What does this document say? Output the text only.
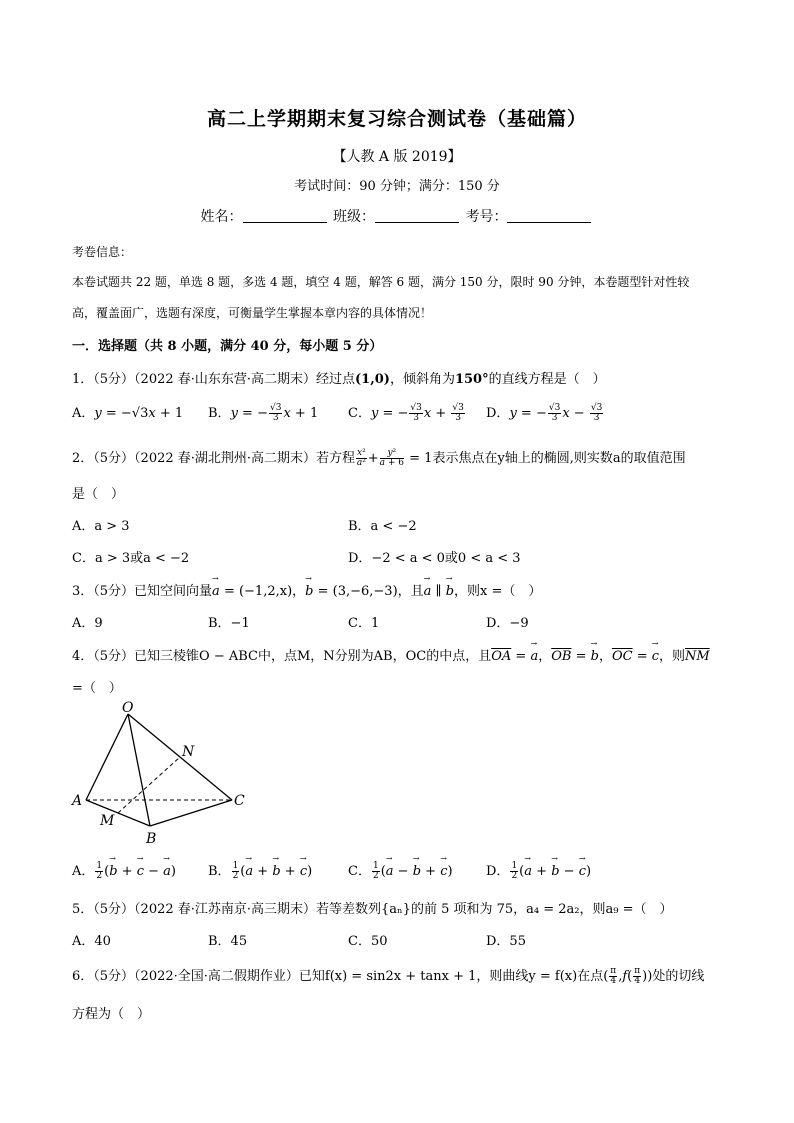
高二上学期期末复习综合测试卷（基础篇）
【人教 A 版 2019】
考试时间：90 分钟；满分：150 分
姓名：	班级：	考号：
考卷信息：
本卷试题共 22 题，单选 8 题，多选 4 题，填空 4 题，解答 6 题，满分 150 分，限时 90 分钟，本卷题型针对性较
高，覆盖面广，选题有深度，可衡量学生掌握本章内容的具体情况！
一．选择题（共 8 小题，满分 40 分，每小题 5 分）
1．（5分）（2022 春·山东东营·高二期末）经过点(1,0)，倾斜角为150°的直线方程是（　）
A．y = −√3x + 1 B．y = − $\frac{√3}{3}$ x + 1 C．y = − $\frac{√3}{3}$ $x + \frac{√3}{3}$ D．y = − $\frac{√3}{3}$ $x - \frac{√3}{3}$
2．（5分）（2022 春·湖北荆州·高二期末）若方程 $\frac{\text{x²}}{\text{a²}} + \frac{\text{y²}}{a + 6} = 1$表示焦点在y轴上的椭圆,则实数a的取值范围
是（　）
A．a > 3	B．a < −2
C．a > 3或a < −2	D．−2 < a < 0或0 < a < 3
3．（5分）已知空间向量→ a = (−1,2,x)，→ b = (3,−6,−3)，且→ a ∥ → b，则x =（　）
A．9	B．−1	C．1	D．−9
4．（5分）已知三棱锥O − ABC中，点M，N分别为AB，OC的中点，且$\overline{OA}$ = → a，$\overline{OB}$ = → b，$\overline{OC}$ = → c，则$\overline{NM}$
=（　）
O
A
B
C
M
N
A． $\frac{1}{2}$ (→ b + → c − → a) B． $\frac{1}{2}$ (→ a + → b + → c)	C． $\frac{1}{2}$ (→ a − → b + → c)	D． $\frac{1}{2}$ (→ a + → b − → c)
5．（5分）（2022 春·江苏南京·高三期末）若等差数列{aₙ}的前 5 项和为 75，a₄ = 2a₂，则a₉ =（　）
A．40	B．45	C．50	D．55
6．（5分）（2022·全国·高二假期作业）已知f(x) = sin2x + tanx + 1，则曲线y = f(x)在点( $\frac{\pi}{4} ,f( \frac{\pi}{4}$ ))处的切线
方程为（　）
